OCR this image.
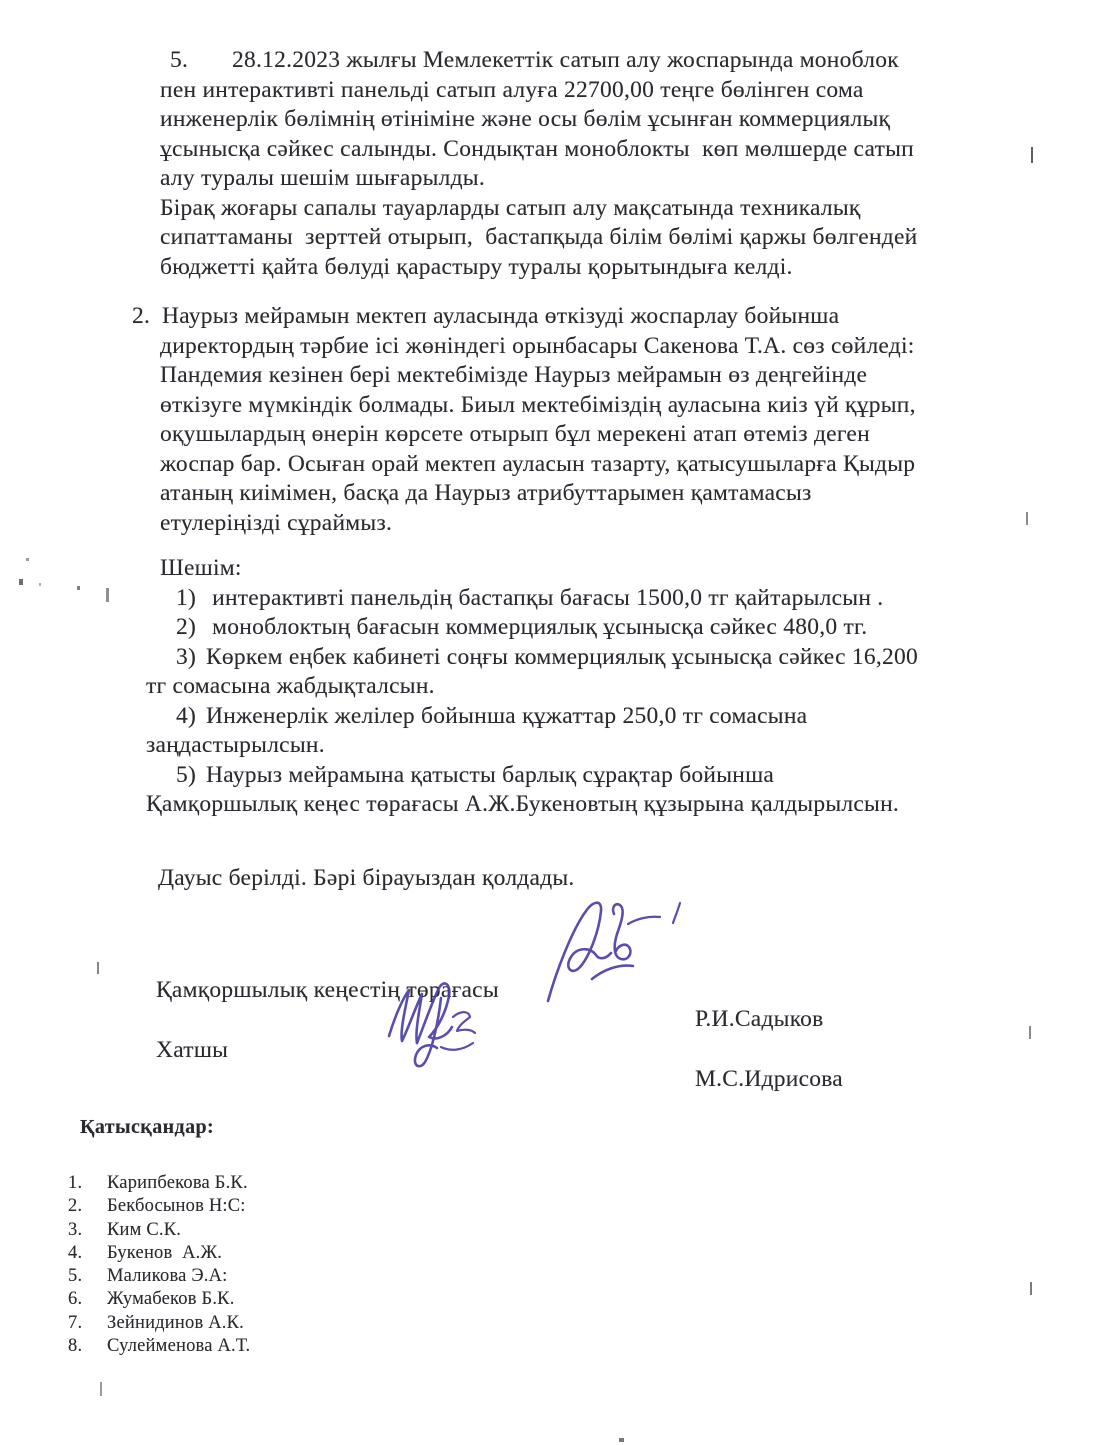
5. 28.12.2023 жылғы Мемлекеттік сатып алу жоспарында моноблок
пен интерактивті панельді сатып алуға 22700,00 теңге бөлінген сома
инженерлік бөлімнің өтініміне және осы бөлім ұсынған коммерциялық
ұсынысқа сәйкес салынды. Сондықтан моноблокты  көп мөлшерде сатып
алу туралы шешім шығарылды.
Бірақ жоғары сапалы тауарларды сатып алу мақсатында техникалық
сипаттаманы  зерттей отырып,  бастапқыда білім бөлімі қаржы бөлгендей
бюджетті қайта бөлуді қарастыру туралы қорытындыға келді.
2. Наурыз мейрамын мектеп ауласында өткізуді жоспарлау бойынша
директордың тәрбие ісі жөніндегі орынбасары Сакенова Т.А. сөз сөйледі:
Пандемия кезінен бері мектебімізде Наурыз мейрамын өз деңгейінде
өткізуге мүмкіндік болмады. Биыл мектебіміздің ауласына киіз үй құрып,
оқушылардың өнерін көрсете отырып бұл мерекені атап өтеміз деген
жоспар бар. Осыған орай мектеп ауласын тазарту, қатысушыларға Қыдыр
атаның киімімен, басқа да Наурыз атрибуттарымен қамтамасыз
етулеріңізді сұраймыз.
Шешім:
1) интерактивті панельдің бастапқы бағасы 1500,0 тг қайтарылсын .
2) моноблоктың бағасын коммерциялық ұсынысқа сәйкес 480,0 тг.
3) Көркем еңбек кабинеті соңғы коммерциялық ұсынысқа сәйкес 16,200
тг сомасына жабдықталсын.
4) Инженерлік желілер бойынша құжаттар 250,0 тг сомасына
заңдастырылсын.
5) Наурыз мейрамына қатысты барлық сұрақтар бойынша
Қамқоршылық кеңес төрағасы А.Ж.Букеновтың құзырына қалдырылсын.
Дауыс берілді. Бәрі бірауыздан қолдады.

Қамқоршылық кеңестің төрағасы

Р.И.Садыков

Хатшы

М.С.Идрисова

Қатысқандар:
1. Карипбекова Б.К.
2. Бекбосынов Н:С:
3. Ким С.К.
4. Букенов  А.Ж.
5. Маликова Э.А:
6. Жумабеков Б.К.
7. Зейнидинов А.К.
8. Сулейменова А.Т.
